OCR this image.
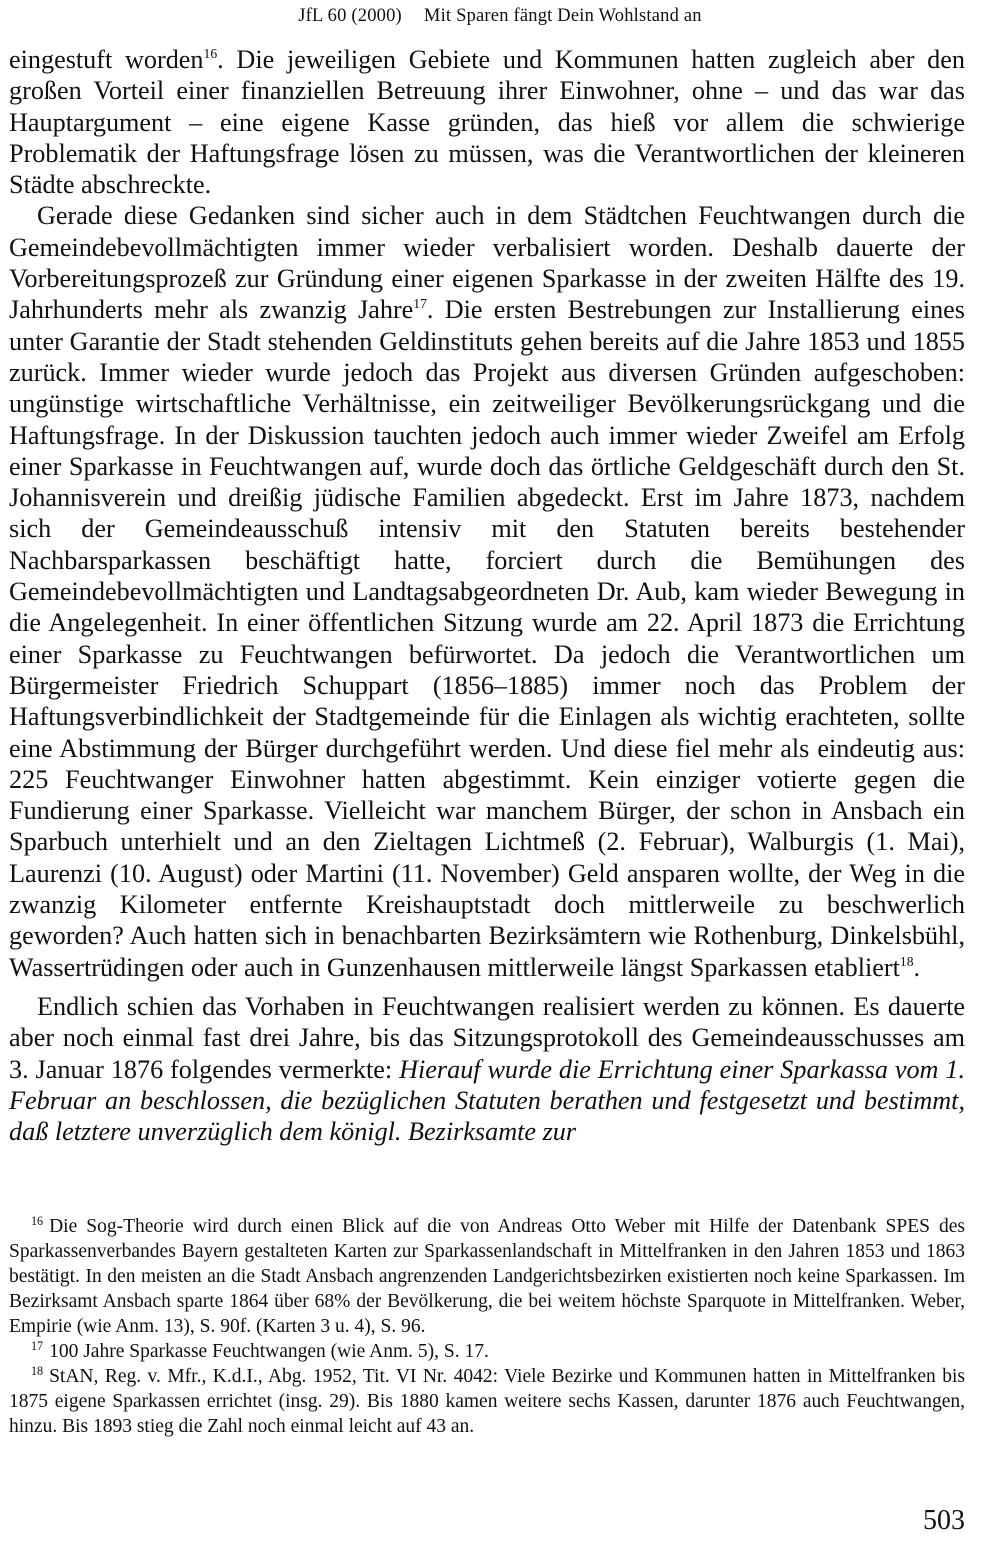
JfL 60 (2000) Mit Sparen fängt Dein Wohlstand an

eingestuft worden$^{16}$. Die jeweiligen Gebiete und Kommunen hatten zugleich aber den großen Vorteil einer finanziellen Betreuung ihrer Einwohner, ohne – und das war das Hauptargument – eine eigene Kasse gründen, das hieß vor allem die schwierige Problematik der Haftungsfrage lösen zu müssen, was die Verantwortlichen der kleineren Städte abschreckte.

Gerade diese Gedanken sind sicher auch in dem Städtchen Feuchtwangen durch die Gemeindebevollmächtigten immer wieder verbalisiert worden. Deshalb dauerte der Vorbereitungsprozeß zur Gründung einer eigenen Sparkasse in der zweiten Hälfte des 19. Jahrhunderts mehr als zwanzig Jahre$^{17}$. Die ersten Bestrebungen zur Installierung eines unter Garantie der Stadt stehenden Geldinstituts gehen bereits auf die Jahre 1853 und 1855 zurück. Immer wieder wurde jedoch das Projekt aus diversen Gründen aufgeschoben: ungünstige wirtschaftliche Verhältnisse, ein zeitweiliger Bevölkerungsrückgang und die Haftungsfrage. In der Diskussion tauchten jedoch auch immer wieder Zweifel am Erfolg einer Sparkasse in Feuchtwangen auf, wurde doch das örtliche Geldgeschäft durch den St. Johannisverein und dreißig jüdische Familien abgedeckt. Erst im Jahre 1873, nachdem sich der Gemeindeausschuß intensiv mit den Statuten bereits bestehender Nachbarsparkassen beschäftigt hatte, forciert durch die Bemühungen des Gemeindebevollmächtigten und Landtagsabgeordneten Dr. Aub, kam wieder Bewegung in die Angelegenheit. In einer öffentlichen Sitzung wurde am 22. April 1873 die Errichtung einer Sparkasse zu Feuchtwangen befürwortet. Da jedoch die Verantwortlichen um Bürgermeister Friedrich Schuppart (1856–1885) immer noch das Problem der Haftungsverbindlichkeit der Stadtgemeinde für die Einlagen als wichtig erachteten, sollte eine Abstimmung der Bürger durchgeführt werden. Und diese fiel mehr als eindeutig aus: 225 Feuchtwanger Einwohner hatten abgestimmt. Kein einziger votierte gegen die Fundierung einer Sparkasse. Vielleicht war manchem Bürger, der schon in Ansbach ein Sparbuch unterhielt und an den Zieltagen Lichtmeß (2. Februar), Walburgis (1. Mai), Laurenzi (10. August) oder Martini (11. November) Geld ansparen wollte, der Weg in die zwanzig Kilometer entfernte Kreishauptstadt doch mittlerweile zu beschwerlich geworden? Auch hatten sich in benachbarten Bezirksämtern wie Rothenburg, Dinkelsbühl, Wassertrüdingen oder auch in Gunzenhausen mittlerweile längst Sparkassen etabliert$^{18}$.

Endlich schien das Vorhaben in Feuchtwangen realisiert werden zu können. Es dauerte aber noch einmal fast drei Jahre, bis das Sitzungsprotokoll des Gemeindeausschusses am 3. Januar 1876 folgendes vermerkte: Hierauf wurde die Errichtung einer Sparkassa vom 1. Februar an beschlossen, die bezüglichen Statuten berathen und festgesetzt und bestimmt, daß letztere unverzüglich dem königl. Bezirksamte zur

$^{16}$ Die Sog-Theorie wird durch einen Blick auf die von Andreas Otto Weber mit Hilfe der Datenbank SPES des Sparkassenverbandes Bayern gestalteten Karten zur Sparkassenlandschaft in Mittelfranken in den Jahren 1853 und 1863 bestätigt. In den meisten an die Stadt Ansbach angrenzenden Landgerichtsbezirken existierten noch keine Sparkassen. Im Bezirksamt Ansbach sparte 1864 über 68% der Bevölkerung, die bei weitem höchste Sparquote in Mittelfranken. Weber, Empirie (wie Anm. 13), S. 90f. (Karten 3 u. 4), S. 96.

$^{17}$ 100 Jahre Sparkasse Feuchtwangen (wie Anm. 5), S. 17.

$^{18}$ StAN, Reg. v. Mfr., K.d.I., Abg. 1952, Tit. VI Nr. 4042: Viele Bezirke und Kommunen hatten in Mittelfranken bis 1875 eigene Sparkassen errichtet (insg. 29). Bis 1880 kamen weitere sechs Kassen, darunter 1876 auch Feuchtwangen, hinzu. Bis 1893 stieg die Zahl noch einmal leicht auf 43 an.

503
